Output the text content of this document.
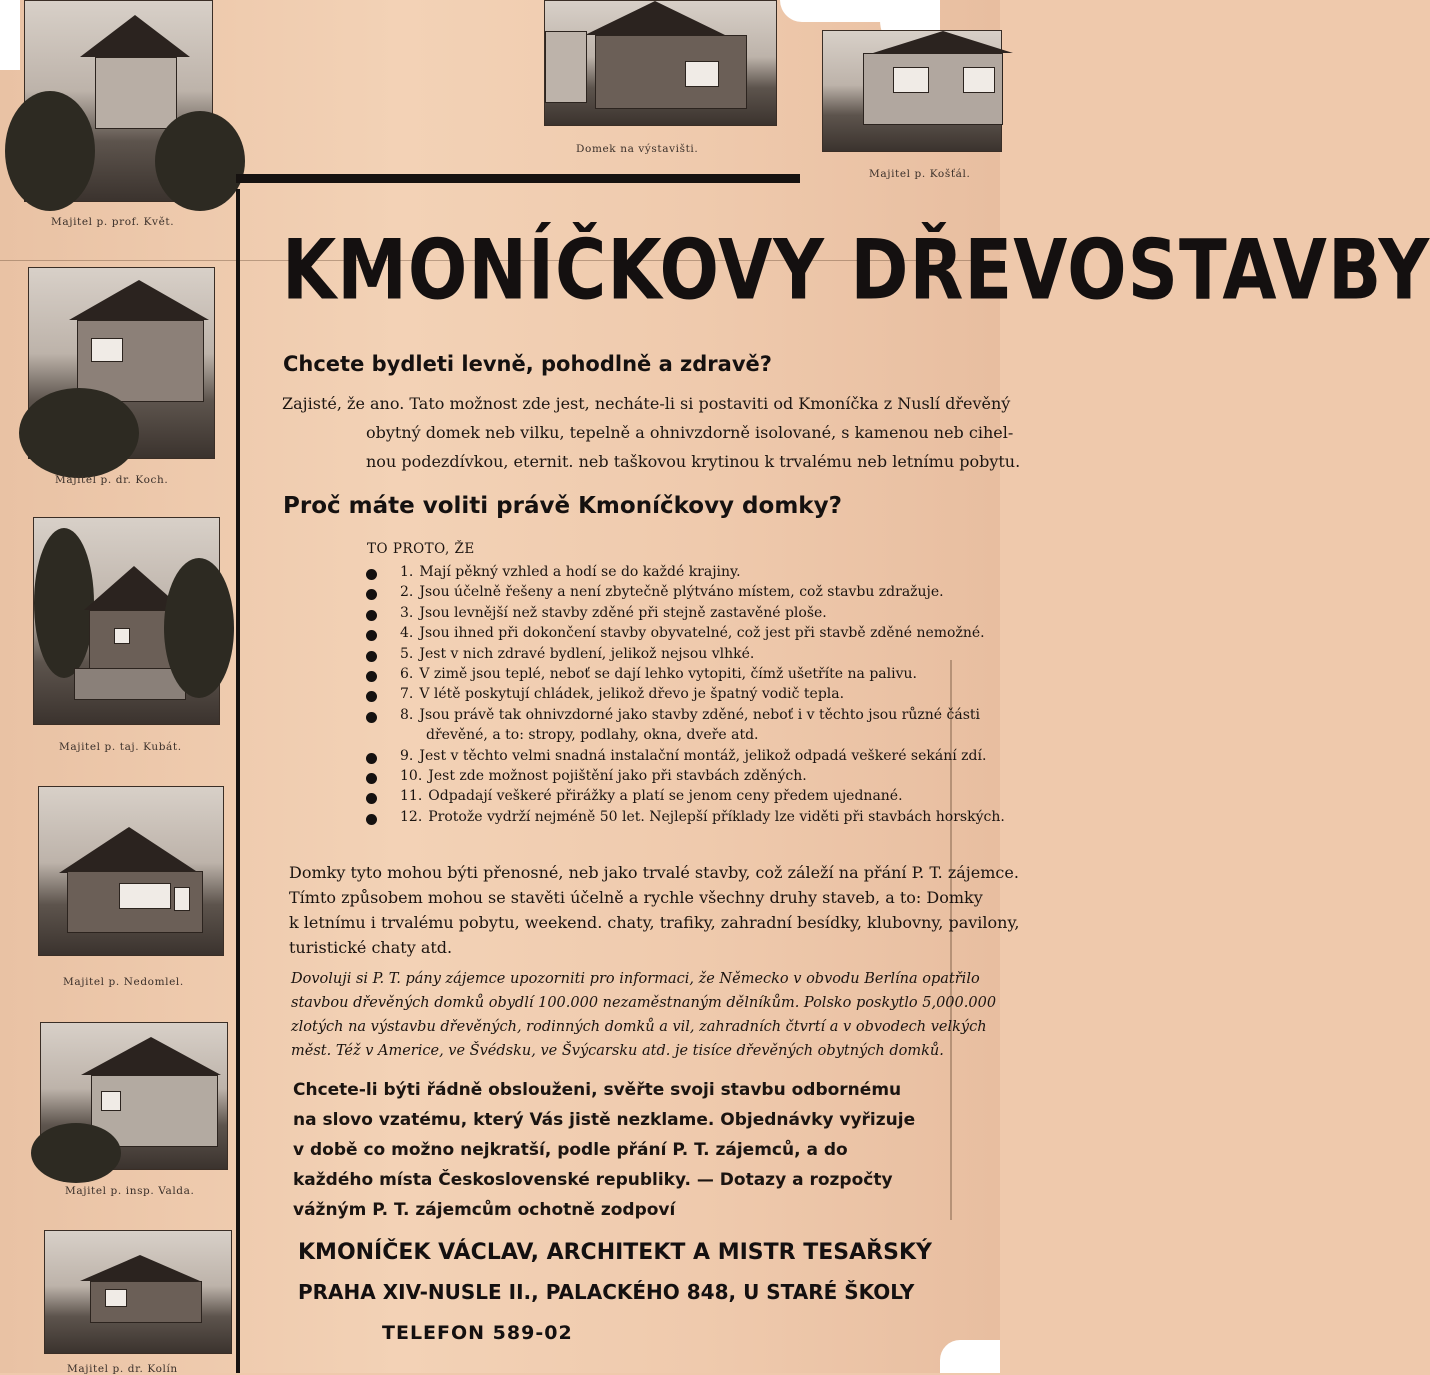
Majitel p. prof. Květ.
Majitel p. dr. Koch.
Majitel p. taj. Kubát.
Majitel p. Nedomlel.
Majitel p. insp. Valda.
Majitel p. dr. Kolín
Domek na výstavišti.
Majitel p. Košťál.
KMONÍČKOVY DŘEVOSTAVBY
Chcete bydleti levně, pohodlně a zdravě?
Zajisté, že ano. Tato možnost zde jest, necháte-li si postaviti od Kmoníčka z Nuslí dřevěný
obytný domek neb vilku, tepelně a ohnivzdorně isolované, s kamenou neb cihel-
nou podezdívkou, eternit. neb taškovou krytinou k trvalému neb letnímu pobytu.
Proč máte voliti právě Kmoníčkovy domky?
TO PROTO, ŽE
1. Mají pěkný vzhled a hodí se do každé krajiny.
2. Jsou účelně řešeny a není zbytečně plýtváno místem, což stavbu zdražuje.
3. Jsou levnější než stavby zděné při stejně zastavěné ploše.
4. Jsou ihned při dokončení stavby obyvatelné, což jest při stavbě zděné nemožné.
5. Jest v nich zdravé bydlení, jelikož nejsou vlhké.
6. V zimě jsou teplé, neboť se dají lehko vytopiti, čímž ušetříte na palivu.
7. V létě poskytují chládek, jelikož dřevo je špatný vodič tepla.
8. Jsou právě tak ohnivzdorné jako stavby zděné, neboť i v těchto jsou různé části
dřevěné, a to: stropy, podlahy, okna, dveře atd.
9. Jest v těchto velmi snadná instalační montáž, jelikož odpadá veškeré sekání zdí.
10. Jest zde možnost pojištění jako při stavbách zděných.
11. Odpadají veškeré přirážky a platí se jenom ceny předem ujednané.
12. Protože vydrží nejméně 50 let. Nejlepší příklady lze viděti při stavbách horských.
Domky tyto mohou býti přenosné, neb jako trvalé stavby, což záleží na přání P. T. zájemce.
Tímto způsobem mohou se stavěti účelně a rychle všechny druhy staveb, a to: Domky
k letnímu i trvalému pobytu, weekend. chaty, trafiky, zahradní besídky, klubovny, pavilony,
turistické chaty atd.
Dovoluji si P. T. pány zájemce upozorniti pro informaci, že Německo v obvodu Berlína opatřilo
stavbou dřevěných domků obydlí 100.000 nezaměstnaným dělníkům. Polsko poskytlo 5,000.000
zlotých na výstavbu dřevěných, rodinných domků a vil, zahradních čtvrtí a v obvodech velkých
měst. Též v Americe, ve Švédsku, ve Švýcarsku atd. je tisíce dřevěných obytných domků.
Chcete-li býti řádně obslouženi, svěřte svoji stavbu odbornému
na slovo vzatému, který Vás jistě nezklame. Objednávky vyřizuje
v době co možno nejkratší, podle přání P. T. zájemců, a do
každého místa Československé republiky. — Dotazy a rozpočty
vážným P. T. zájemcům ochotně zodpoví
KMONÍČEK VÁCLAV, ARCHITEKT A MISTR TESAŘSKÝ
PRAHA XIV-NUSLE II., PALACKÉHO 848, U STARÉ ŠKOLY
TELEFON 589-02
